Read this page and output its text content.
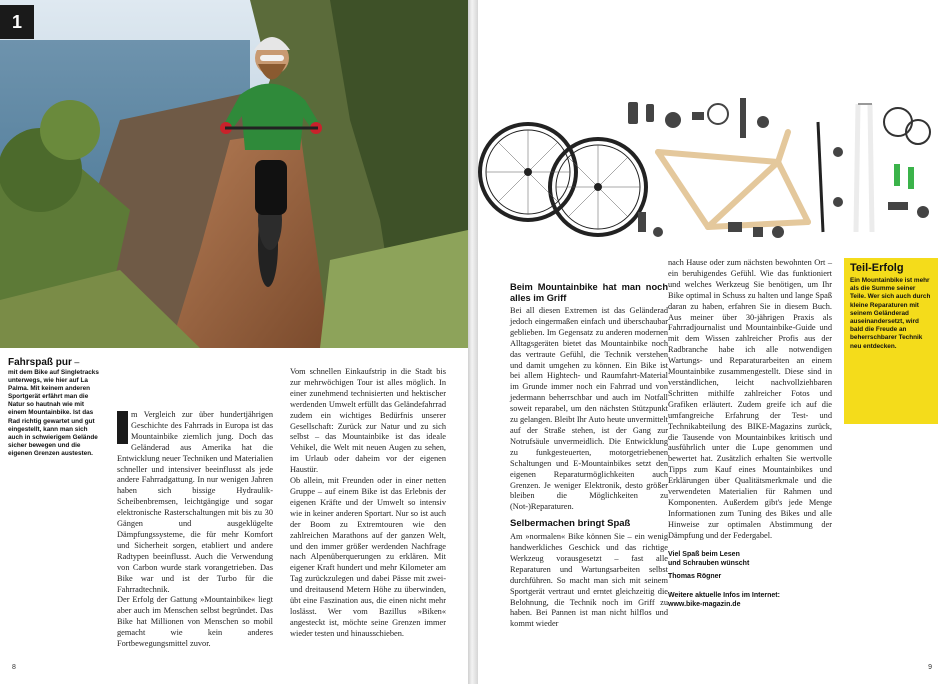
1
Fahrspaß pur –
mit dem Bike auf Singletracks unterwegs, wie hier auf La Palma. Mit keinem anderen Sportgerät erfährt man die Natur so hautnah wie mit einem Mountainbike. Ist das Rad richtig gewartet und gut eingestellt, kann man sich auch in schwierigem Gelände sicher bewegen und die eigenen Grenzen austesten.

m Vergleich zur über hundertjährigen Geschichte des Fahrrads in Europa ist das Mountainbike ziemlich jung. Doch das Geländerad aus Amerika hat die Entwicklung neuer Techniken und Materialien schneller und intensiver beeinflusst als jede andere Fahrradgattung. In nur wenigen Jahren haben sich bissige Hydraulik-Scheibenbremsen, leichtgängige und sogar elektronische Rasterschaltungen mit bis zu 30 Gängen und ausgeklügelte Dämpfungssysteme, die für mehr Komfort und Sicherheit sorgen, etabliert und andere Radtypen beeinflusst. Auch die Verwendung von Carbon wurde stark vorangetrieben. Das Bike war und ist der Turbo für die Fahrradtechnik.

Der Erfolg der Gattung »Mountainbike« liegt aber auch im Menschen selbst begründet. Das Bike hat Millionen von Menschen so mobil gemacht wie kein anderes Fortbewegungsmittel zuvor.

Vom schnellen Einkaufstrip in die Stadt bis zur mehrwöchigen Tour ist alles möglich. In einer zunehmend technisierten und hektischer werdenden Umwelt erfüllt das Geländefahrrad zudem ein wichtiges Bedürfnis unserer Gesellschaft: Zurück zur Natur und zu sich selbst – das Mountainbike ist das ideale Vehikel, die Welt mit neuen Augen zu sehen, im Urlaub oder daheim vor der eigenen Haustür.

Ob allein, mit Freunden oder in einer netten Gruppe – auf einem Bike ist das Erlebnis der eigenen Kräfte und der Umwelt so intensiv wie in keiner anderen Sportart. Nur so ist auch der Boom zu Extremtouren wie den zahlreichen Marathons auf der ganzen Welt, und den immer größer werdenden Nachfrage nach Alpenüberquerungen zu erklären. Mit eigener Kraft hundert und mehr Kilometer am Tag zurückzulegen und dabei Pässe mit zwei- und dreitausend Metern Höhe zu überwinden, übt eine Faszination aus, die einen nicht mehr loslässt. Wer vom Bazillus »Biken« angesteckt ist, möchte seine Grenzen immer wieder testen und hinausschieben.

8
Beim Mountainbike hat man noch alles im Griff

Bei all diesen Extremen ist das Geländerad jedoch eingermaßen einfach und überschaubar geblieben. Im Gegensatz zu anderen modernen Alltagsgeräten bietet das Mountainbike noch das vertraute Gefühl, die Technik verstehen und damit umgehen zu können. Ein Bike ist bei allem Hightech- und Raumfahrt-Material im Grunde immer noch ein Fahrrad und von jedermann beherrschbar und auch im Notfall soweit reparabel, um den nächsten Stützpunkt zu gelangen. Bleibt Ihr Auto heute unvermittelt auf der Straße stehen, ist der Gang zur Notrufsäule unvermeidlich. Die Entwicklung zu funkgesteuerten, motorgetriebenen Schaltungen und E-Mountainbikes setzt den eigenen Reparaturmöglichkeiten auch Grenzen. Je weniger Elektronik, desto größer bleiben die Möglichkeiten zu (Not-)Reparaturen.

Selbermachen bringt Spaß

Am »normalen« Bike können Sie – ein wenig handwerkliches Geschick und das richtige Werkzeug vorausgesetzt – fast alle Reparaturen und Wartungsarbeiten selbst durchführen. So macht man sich mit seinem Sportgerät vertraut und erntet gleichzeitig die Belohnung, die Technik noch im Griff zu haben. Bei Pannen ist man nicht hilflos und kommt wieder

nach Hause oder zum nächsten bewohnten Ort – ein beruhigendes Gefühl. Wie das funktioniert und welches Werkzeug Sie benötigen, um Ihr Bike optimal in Schuss zu halten und lange Spaß daran zu haben, erfahren Sie in diesem Buch. Aus meiner über 30-jährigen Praxis als Fahrradjournalist und Mountainbike-Guide und mit dem Wissen zahlreicher Profis aus der Radbranche habe ich alle notwendigen Wartungs- und Reparaturarbeiten an einem Mountainbike zusammengestellt. Diese sind in verständlichen, leicht nachvollziehbaren Schritten mithilfe zahlreicher Fotos und Grafiken erläutert. Zudem greife ich auf die umfangreiche Erfahrung der Test- und Technikabteilung des BIKE-Magazins zurück, die Tausende von Mountainbikes kritisch und ausführlich unter die Lupe genommen und bewertet hat. Zusätzlich erhalten Sie wertvolle Tipps zum Kauf eines Mountainbikes und Erklärungen über Qualitätsmerkmale und die verwendeten Materialien für Rahmen und Komponenten. Außerdem gibt's jede Menge Informationen zum Tuning des Bikes und alle Hinweise zur optimalen Abstimmung der Dämpfung und der Federgabel.

Viel Spaß beim Lesen
und Schrauben wünscht
Thomas Rögner
Weitere aktuelle Infos im Internet:
www.bike-magazin.de
Teil-Erfolg
Ein Mountainbike ist mehr als die Summe seiner Teile. Wer sich auch durch kleine Reparaturen mit seinem Geländerad auseinandersetzt, wird bald die Freude an beherrschbarer Technik neu entdecken.
9
